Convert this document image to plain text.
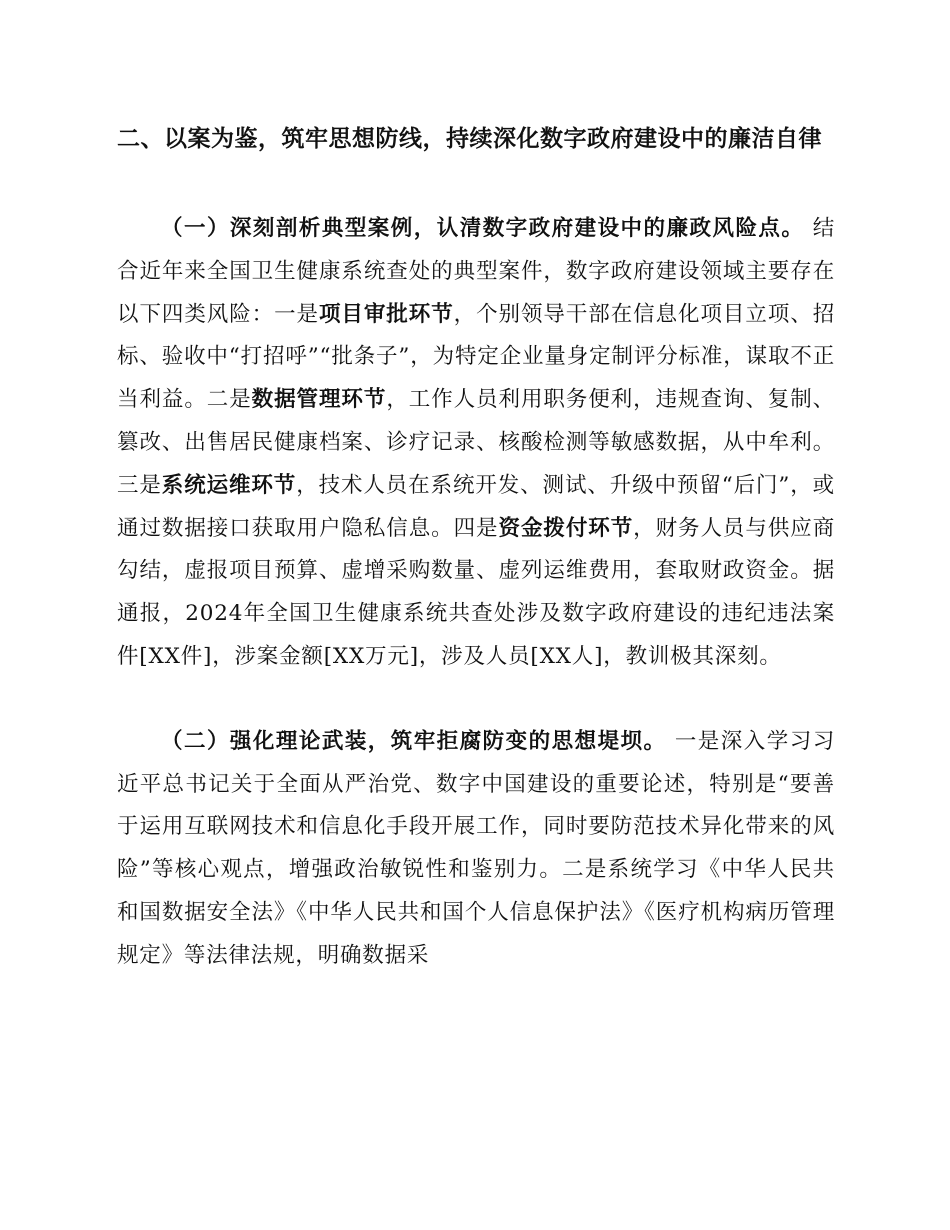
二、以案为鉴，筑牢思想防线，持续深化数字政府建设中的廉洁自律

（一）深刻剖析典型案例，认清数字政府建设中的廉政风险点。 结合近年来全国卫生健康系统查处的典型案件，数字政府建设领域主要存在以下四类风险：一是项目审批环节，个别领导干部在信息化项目立项、招标、验收中“打招呼”“批条子”，为特定企业量身定制评分标准，谋取不正当利益。二是数据管理环节，工作人员利用职务便利，违规查询、复制、篡改、出售居民健康档案、诊疗记录、核酸检测等敏感数据，从中牟利。三是系统运维环节，技术人员在系统开发、测试、升级中预留“后门”，或通过数据接口获取用户隐私信息。四是资金拨付环节，财务人员与供应商勾结，虚报项目预算、虚增采购数量、虚列运维费用，套取财政资金。据通报，2024年全国卫生健康系统共查处涉及数字政府建设的违纪违法案件[XX件]，涉案金额[XX万元]，涉及人员[XX人]，教训极其深刻。

（二）强化理论武装，筑牢拒腐防变的思想堤坝。 一是深入学习习近平总书记关于全面从严治党、数字中国建设的重要论述，特别是“要善于运用互联网技术和信息化手段开展工作，同时要防范技术异化带来的风险”等核心观点，增强政治敏锐性和鉴别力。二是系统学习《中华人民共和国数据安全法》《中华人民共和国个人信息保护法》《医疗机构病历管理规定》等法律法规，明确数据采
